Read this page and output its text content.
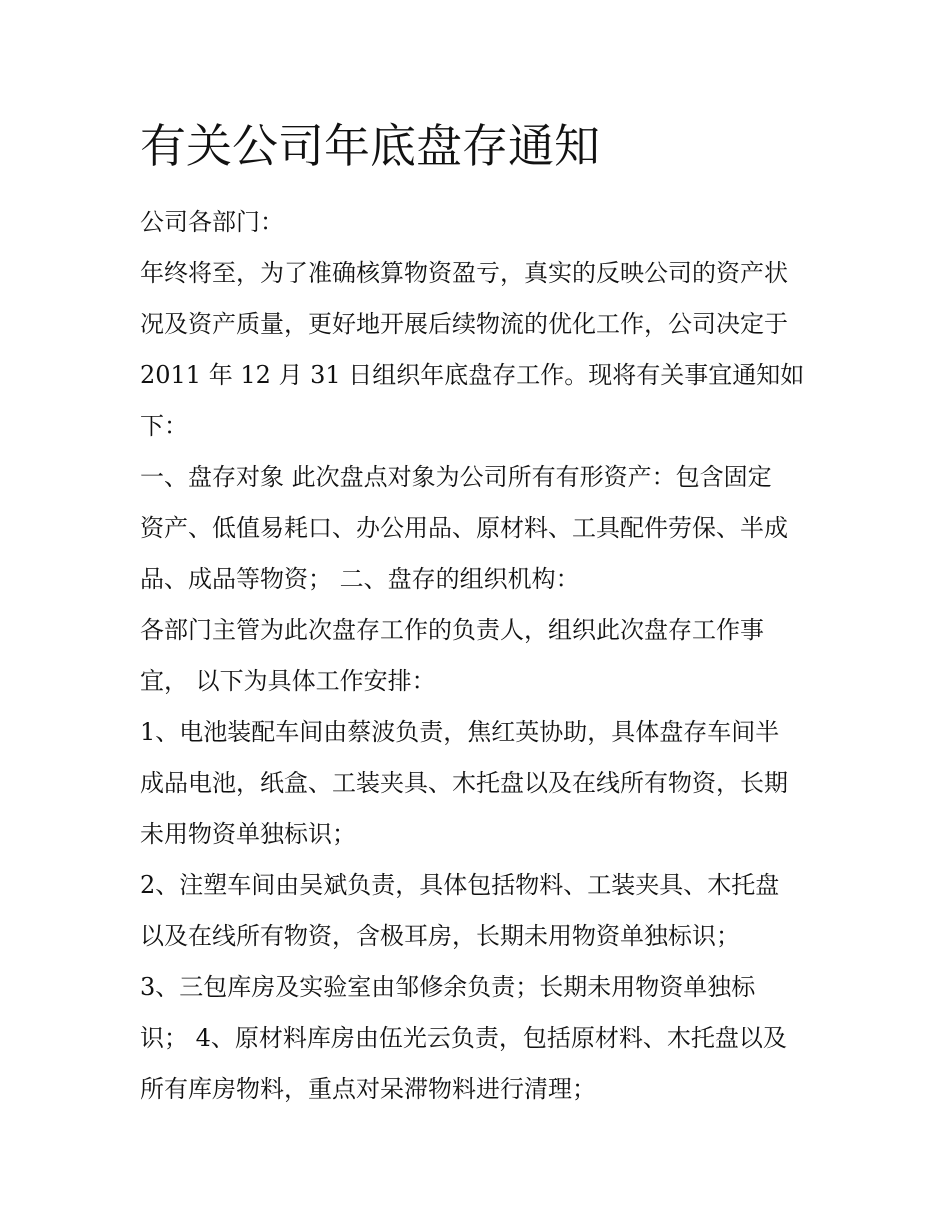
有关公司年底盘存通知

公司各部门：

年终将至，为了准确核算物资盈亏，真实的反映公司的资产状

况及资产质量，更好地开展后续物流的优化工作，公司决定于

2011 年 12 月 31 日组织年底盘存工作。现将有关事宜通知如

下：

一、盘存对象 此次盘点对象为公司所有有形资产：包含固定

资产、低值易耗口、办公用品、原材料、工具配件劳保、半成

品、成品等物资； 二、盘存的组织机构：

各部门主管为此次盘存工作的负责人，组织此次盘存工作事

宜， 以下为具体工作安排：

1、电池装配车间由蔡波负责，焦红英协助，具体盘存车间半

成品电池，纸盒、工装夹具、木托盘以及在线所有物资，长期

未用物资单独标识；

2、注塑车间由吴斌负责，具体包括物料、工装夹具、木托盘

以及在线所有物资，含极耳房，长期未用物资单独标识；

3、三包库房及实验室由邹修余负责；长期未用物资单独标

识； 4、原材料库房由伍光云负责，包括原材料、木托盘以及

所有库房物料，重点对呆滞物料进行清理；
